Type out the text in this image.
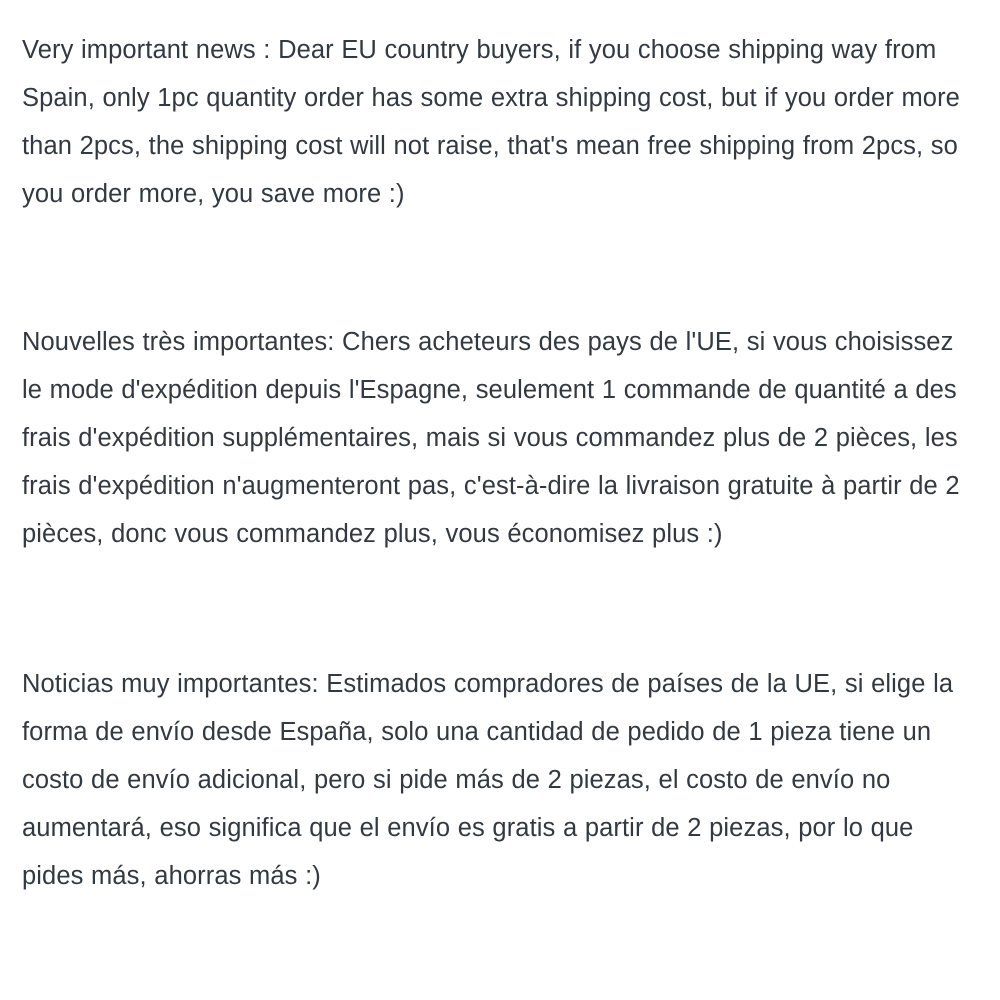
Very important news : Dear EU country buyers, if you choose shipping way from Spain, only 1pc quantity order has some extra shipping cost, but if you order more than 2pcs, the shipping cost will not raise, that's mean free shipping from 2pcs, so you order more, you save more :)

Nouvelles très importantes: Chers acheteurs des pays de l'UE, si vous choisissez le mode d'expédition depuis l'Espagne, seulement 1 commande de quantité a des frais d'expédition supplémentaires, mais si vous commandez plus de 2 pièces, les frais d'expédition n'augmenteront pas, c'est-à-dire la livraison gratuite à partir de 2 pièces, donc vous commandez plus, vous économisez plus :)

Noticias muy importantes: Estimados compradores de países de la UE, si elige la forma de envío desde España, solo una cantidad de pedido de 1 pieza tiene un costo de envío adicional, pero si pide más de 2 piezas, el costo de envío no aumentará, eso significa que el envío es gratis a partir de 2 piezas, por lo que pides más, ahorras más :)
